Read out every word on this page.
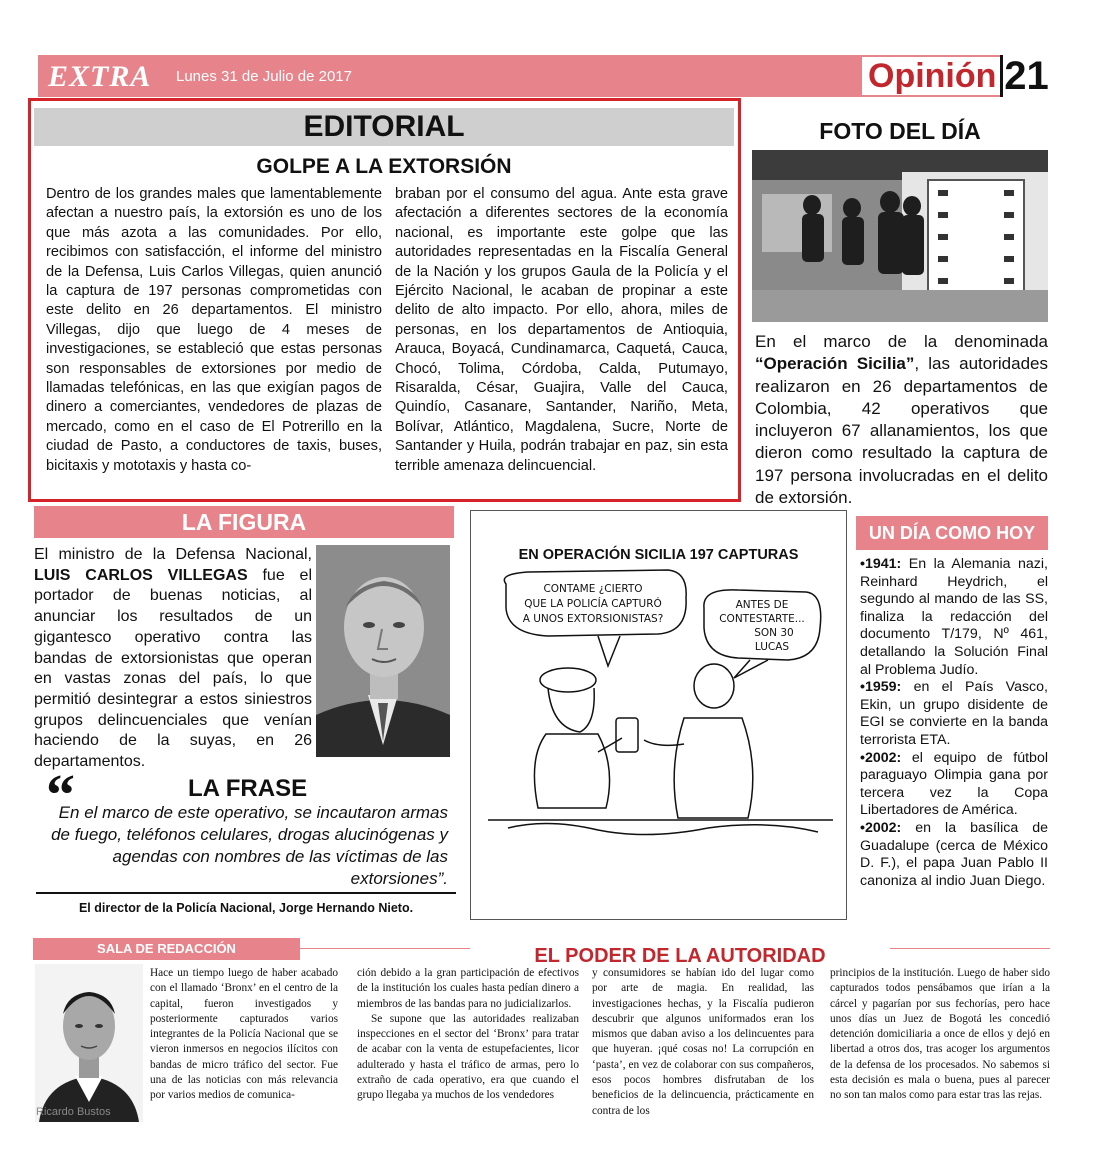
EXTRA Lunes 31 de Julio de 2017	Opinión 21
EDITORIAL
GOLPE A LA EXTORSIÓN
Dentro de los grandes males que lamentablemente afectan a nuestro país, la extorsión es uno de los que más azota a las comunidades. Por ello, recibimos con satisfacción, el informe del ministro de la Defensa, Luis Carlos Villegas, quien anunció la captura de 197 personas comprometidas con este delito en 26 departamentos. El ministro Villegas, dijo que luego de 4 meses de investigaciones, se estableció que estas personas son responsables de extorsiones por medio de llamadas telefónicas, en las que exigían pagos de dinero a comerciantes, vendedores de plazas de mercado, como en el caso de El Potrerillo en la ciudad de Pasto, a conductores de taxis, buses, bicitaxis y mototaxis y hasta co-
braban por el consumo del agua. Ante esta grave afectación a diferentes sectores de la economía nacional, es importante este golpe que las autoridades representadas en la Fiscalía General de la Nación y los grupos Gaula de la Policía y el Ejército Nacional, le acaban de propinar a este delito de alto impacto. Por ello, ahora, miles de personas, en los departamentos de Antioquia, Arauca, Boyacá, Cundinamarca, Caquetá, Cauca, Chocó, Tolima, Córdoba, Calda, Putumayo, Risaralda, César, Guajira, Valle del Cauca, Quindío, Casanare, Santander, Nariño, Meta, Bolívar, Atlántico, Magdalena, Sucre, Norte de Santander y Huila, podrán trabajar en paz, sin esta terrible amenaza delincuencial.
FOTO DEL DÍA
En el marco de la denominada “Operación Sicilia”, las autoridades realizaron en 26 departamentos de Colombia, 42 operativos que incluyeron 67 allanamientos, los que dieron como resultado la captura de 197 persona involucradas en el delito de extorsión.
LA FIGURA
El ministro de la Defensa Nacional, LUIS CARLOS VILLEGAS fue el portador de buenas noticias, al anunciar los resultados de un gigantesco operativo contra las bandas de extorsionistas que operan en vastas zonas del país, lo que permitió desintegrar a estos siniestros grupos delincuenciales que venían haciendo de la suyas, en 26 departamentos.
“	LA FRASE
En el marco de este operativo, se incautaron armas de fuego, teléfonos celulares, drogas alucinógenas y agendas con nombres de las víctimas de las extorsiones”.
El director de la Policía Nacional, Jorge Hernando Nieto.
EN OPERACIÓN SICILIA 197 CAPTURAS
CONTAME ¿CIERTO
QUE LA POLICÍA CAPTURÓ
A UNOS EXTORSIONISTAS?
ANTES DE
CONTESTARTE...
SON 30
LUCAS
UN DÍA COMO HOY
•1941: En la Alemania nazi, Reinhard Heydrich, el segundo al mando de las SS, finaliza la redacción del documento T/179, Nº 461, detallando la Solución Final al Problema Judío.
•1959: en el País Vasco, Ekin, un grupo disidente de EGI se convierte en la banda terrorista ETA.
•2002: el equipo de fútbol paraguayo Olimpia gana por tercera vez la Copa Libertadores de América.
•2002: en la basílica de Guadalupe (cerca de México D. F.), el papa Juan Pablo II canoniza al indio Juan Diego.
SALA DE REDACCIÓN	EL PODER DE LA AUTORIDAD
Ricardo Bustos
Hace un tiempo luego de haber acabado con el llamado ‘Bronx’ en el centro de la capital, fueron investigados y posteriormente capturados varios integrantes de la Policía Nacional que se vieron inmersos en negocios ilícitos con bandas de micro tráfico del sector. Fue una de las noticias con más relevancia por varios medios de comunica-

ción debido a la gran participación de efectivos de la institución los cuales hasta pedían dinero a miembros de las bandas para no judicializarlos.

Se supone que las autoridades realizaban inspecciones en el sector del ‘Bronx’ para tratar de acabar con la venta de estupefacientes, licor adulterado y hasta el tráfico de armas, pero lo extraño de cada operativo, era que cuando el grupo llegaba ya muchos de los vendedores

y consumidores se habían ido del lugar como por arte de magia. En realidad, las investigaciones hechas, y la Fiscalía pudieron descubrir que algunos uniformados eran los mismos que daban aviso a los delincuentes para que huyeran. ¡qué cosas no! La corrupción en ‘pasta’, en vez de colaborar con sus compañeros, esos pocos hombres disfrutaban de los beneficios de la delincuencia, prácticamente en contra de los
principios de la institución. Luego de haber sido capturados todos pensábamos que irían a la cárcel y pagarían por sus fechorías, pero hace unos días un Juez de Bogotá les concedió detención domiciliaria a once de ellos y dejó en libertad a otros dos, tras acoger los argumentos de la defensa de los procesados. No sabemos si esta decisión es mala o buena, pues al parecer no son tan malos como para estar tras las rejas.
